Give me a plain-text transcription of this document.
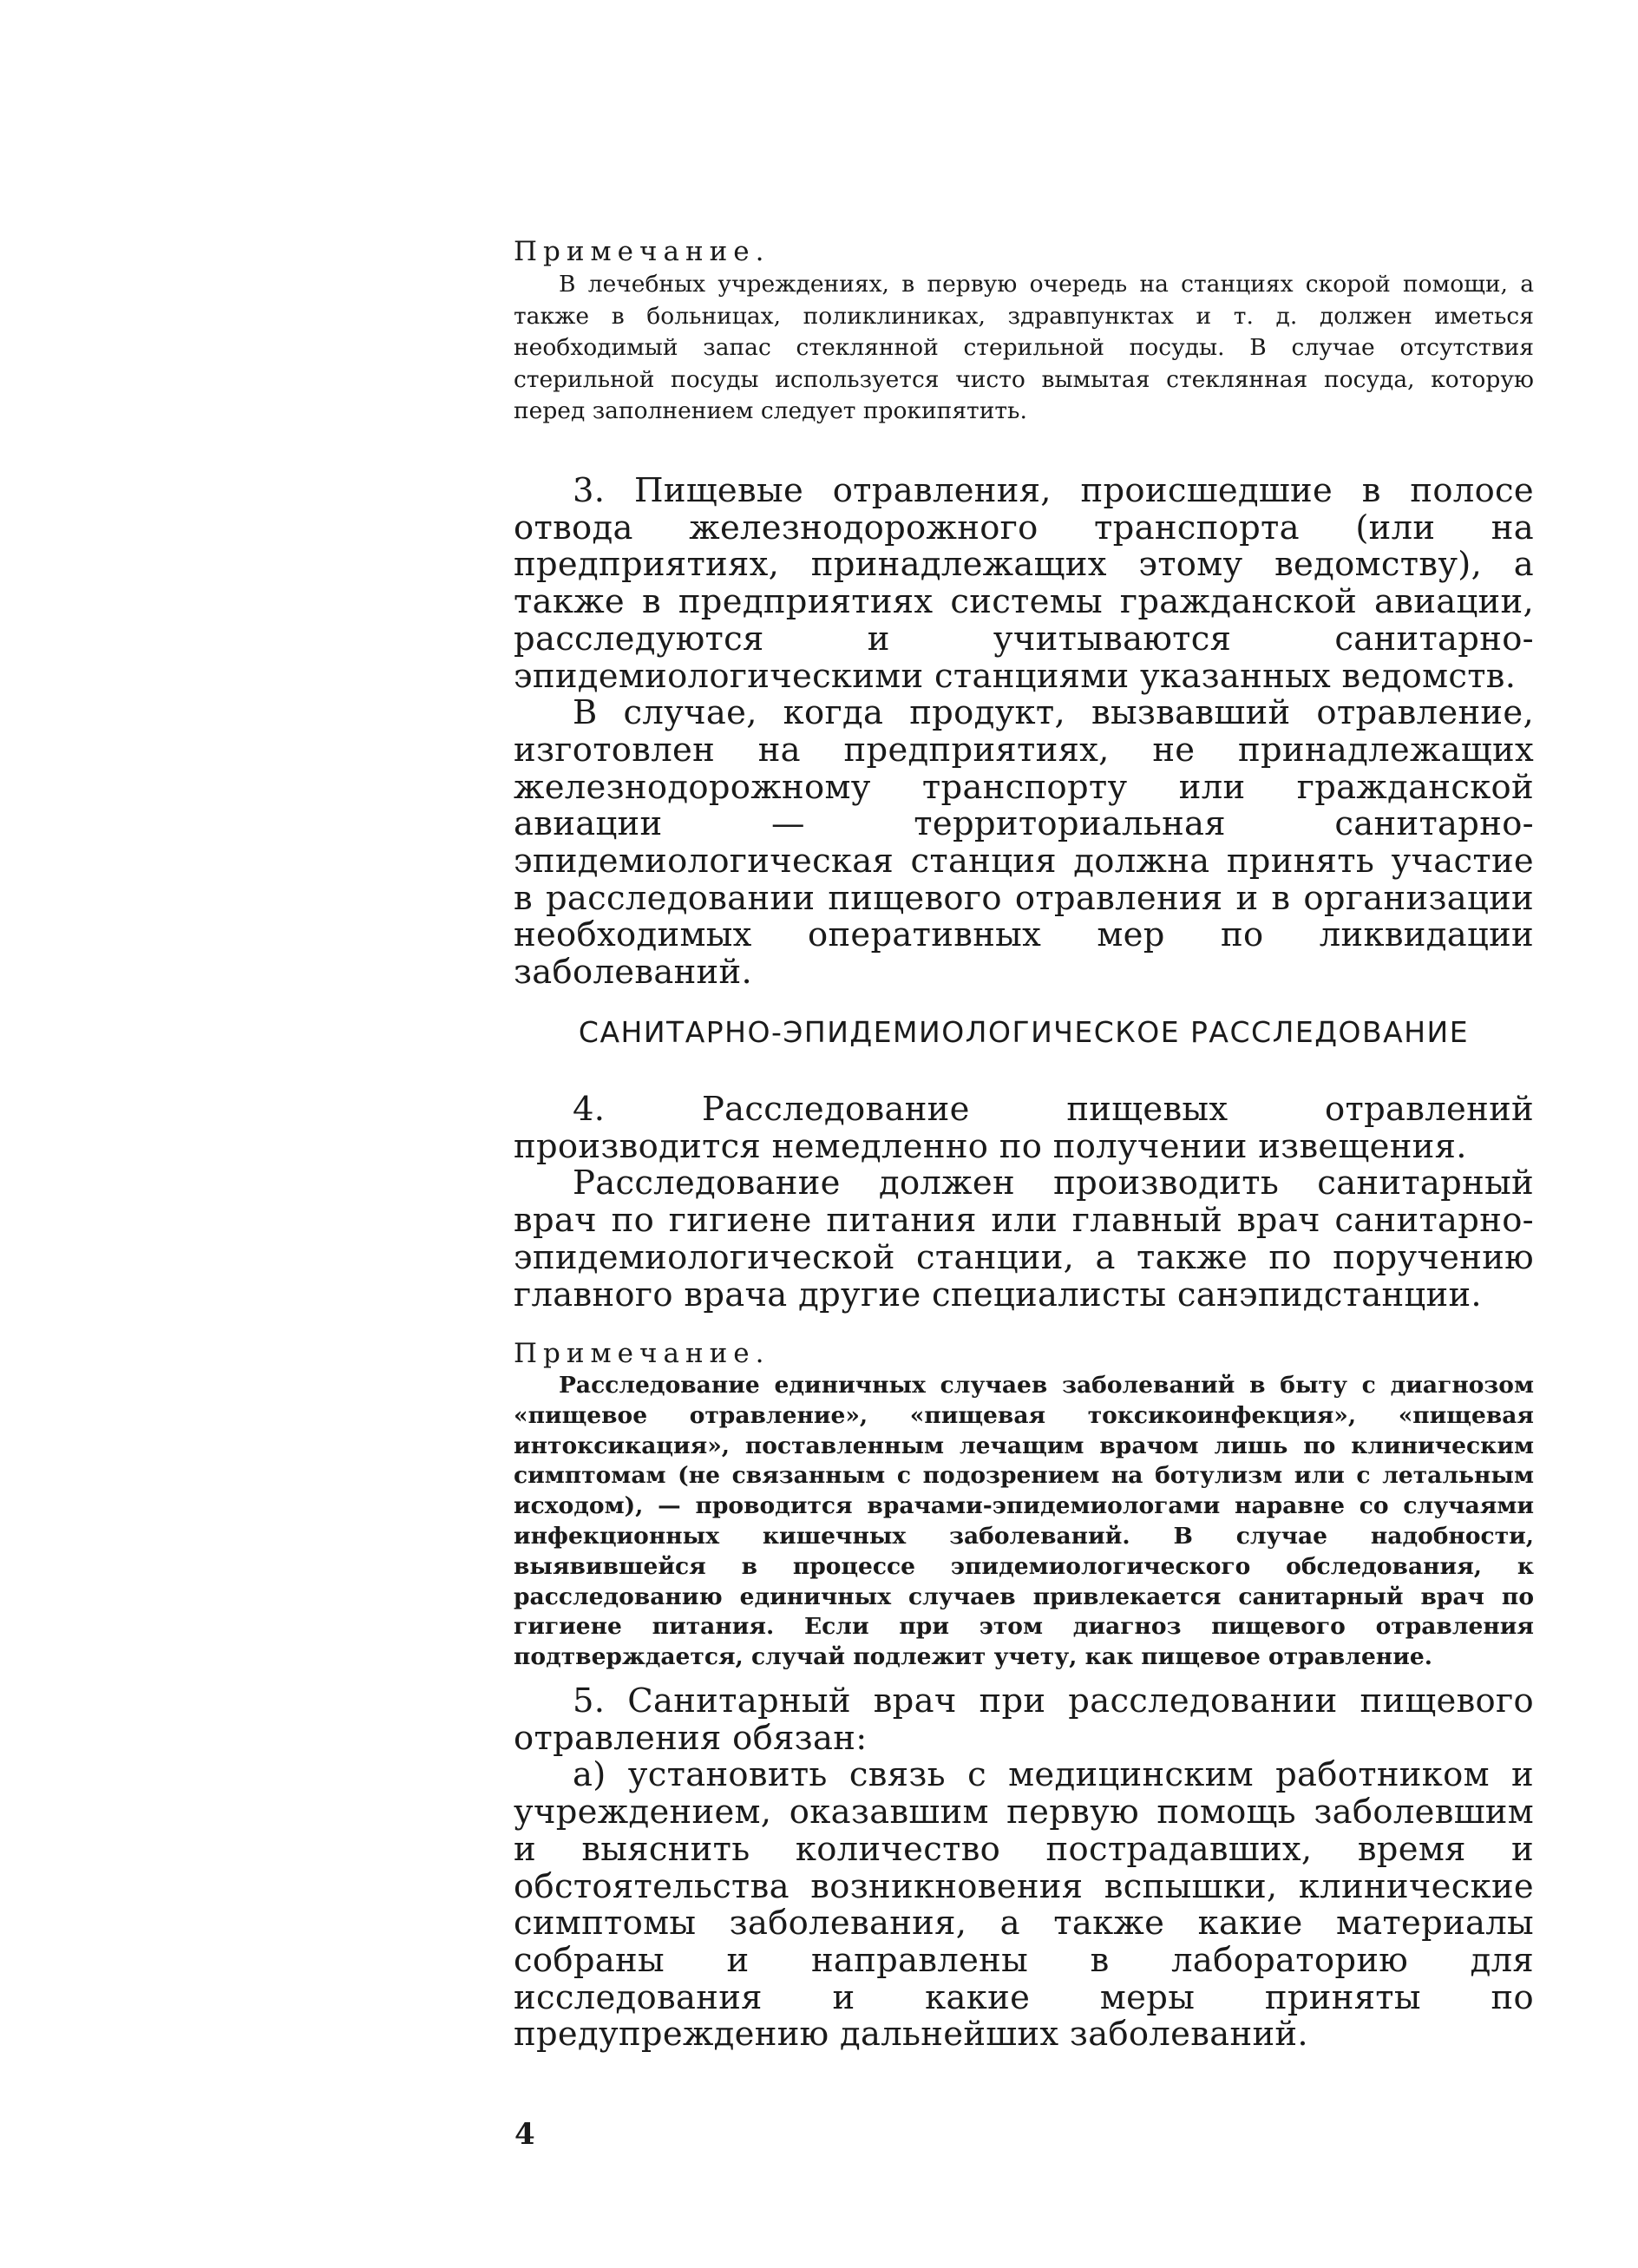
Примечание.

В лечебных учреждениях, в первую очередь на станциях скорой помощи, а также в больницах, поликлиниках, здравпунктах и т. д. должен иметься необходимый запас стеклянной стерильной посуды. В случае отсутствия стерильной посуды используется чисто вымытая стеклянная посуда, которую перед заполнением следует прокипятить.

3. Пищевые отравления, происшедшие в полосе отвода железнодорожного транспорта (или на предприятиях, принадлежащих этому ведомству), а также в предприятиях системы гражданской авиации, расследуются и учитываются санитарно-эпидемиологическими станциями указанных ведомств.

В случае, когда продукт, вызвавший отравление, изготовлен на предприятиях, не принадлежащих железнодорожному транспорту или гражданской авиации — территориальная санитарно-эпидемиологическая станция должна принять участие в расследовании пищевого отравления и в организации необходимых оперативных мер по ликвидации заболеваний.

САНИТАРНО-ЭПИДЕМИОЛОГИЧЕСКОЕ РАССЛЕДОВАНИЕ

4. Расследование пищевых отравлений производится немедленно по получении извещения.

Расследование должен производить санитарный врач по гигиене питания или главный врач санитарно-эпидемиологической станции, а также по поручению главного врача другие специалисты санэпидстанции.

Примечание.

Расследование единичных случаев заболеваний в быту с диагнозом «пищевое отравление», «пищевая токсикоинфекция», «пищевая интоксикация», поставленным лечащим врачом лишь по клиническим симптомам (не связанным с подозрением на ботулизм или с летальным исходом), — проводится врачами-эпидемиологами наравне со случаями инфекционных кишечных заболеваний. В случае надобности, выявившейся в процессе эпидемиологического обследования, к расследованию единичных случаев привлекается санитарный врач по гигиене питания. Если при этом диагноз пищевого отравления подтверждается, случай подлежит учету, как пищевое отравление.

5. Санитарный врач при расследовании пищевого отравления обязан:

а) установить связь с медицинским работником и учреждением, оказавшим первую помощь заболевшим и выяснить количество пострадавших, время и обстоятельства возникновения вспышки, клинические симптомы заболевания, а также какие материалы собраны и направлены в лабораторию для исследования и какие меры приняты по предупреждению дальнейших заболеваний.

4
